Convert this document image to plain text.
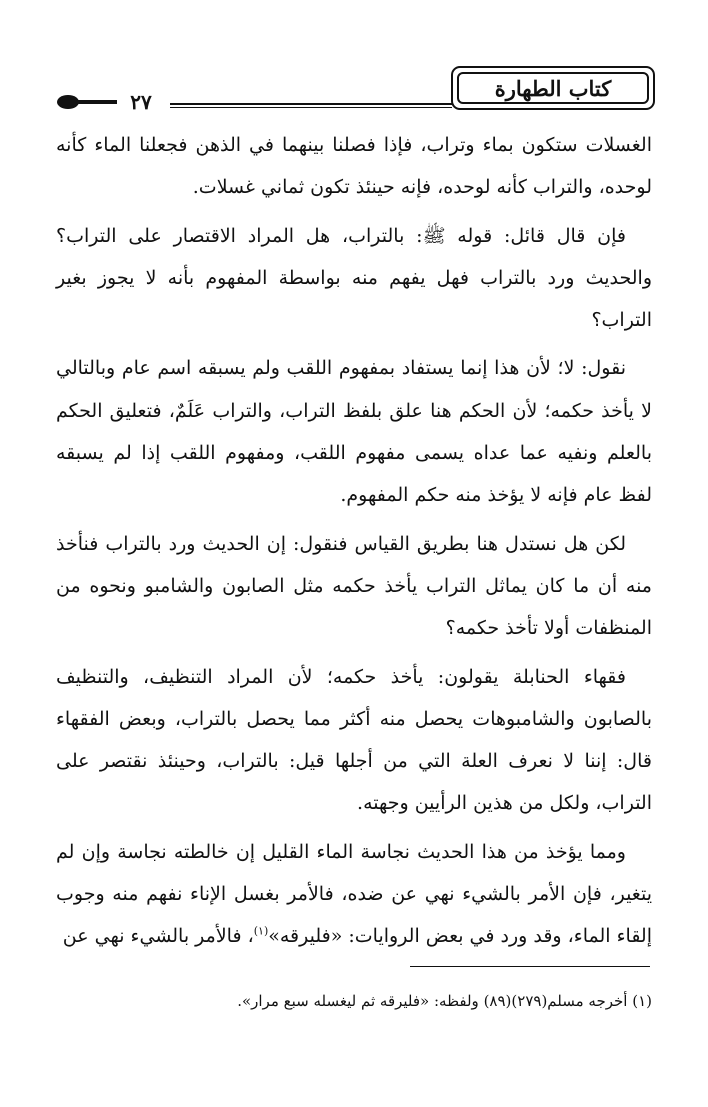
كتاب الطهارة
٢٧

الغسلات ستكون بماء وتراب، فإذا فصلنا بينهما في الذهن فجعلنا الماء كأنه لوحده، والتراب كأنه لوحده، فإنه حينئذ تكون ثماني غسلات.

فإن قال قائل: قوله ﷺ: بالتراب، هل المراد الاقتصار على التراب؟ والحديث ورد بالتراب فهل يفهم منه بواسطة المفهوم بأنه لا يجوز بغير التراب؟

نقول: لا؛ لأن هذا إنما يستفاد بمفهوم اللقب ولم يسبقه اسم عام وبالتالي لا يأخذ حكمه؛ لأن الحكم هنا علق بلفظ التراب، والتراب عَلَمٌ، فتعليق الحكم بالعلم ونفيه عما عداه يسمى مفهوم اللقب، ومفهوم اللقب إذا لم يسبقه لفظ عام فإنه لا يؤخذ منه حكم المفهوم.

لكن هل نستدل هنا بطريق القياس فنقول: إن الحديث ورد بالتراب فنأخذ منه أن ما كان يماثل التراب يأخذ حكمه مثل الصابون والشامبو ونحوه من المنظفات أولا تأخذ حكمه؟

فقهاء الحنابلة يقولون: يأخذ حكمه؛ لأن المراد التنظيف، والتنظيف بالصابون والشامبوهات يحصل منه أكثر مما يحصل بالتراب، وبعض الفقهاء قال: إننا لا نعرف العلة التي من أجلها قيل: بالتراب، وحينئذ نقتصر على التراب، ولكل من هذين الرأيين وجهته.

ومما يؤخذ من هذا الحديث نجاسة الماء القليل إن خالطته نجاسة وإن لم يتغير، فإن الأمر بالشيء نهي عن ضده، فالأمر بغسل الإناء نفهم منه وجوب إلقاء الماء، وقد ورد في بعض الروايات: «فليرقه»$^{(١)}$، فالأمر بالشيء نهي عن

(١) أخرجه مسلم(٢٧٩)(٨٩) ولفظه: «فليرقه ثم ليغسله سبع مرار».
